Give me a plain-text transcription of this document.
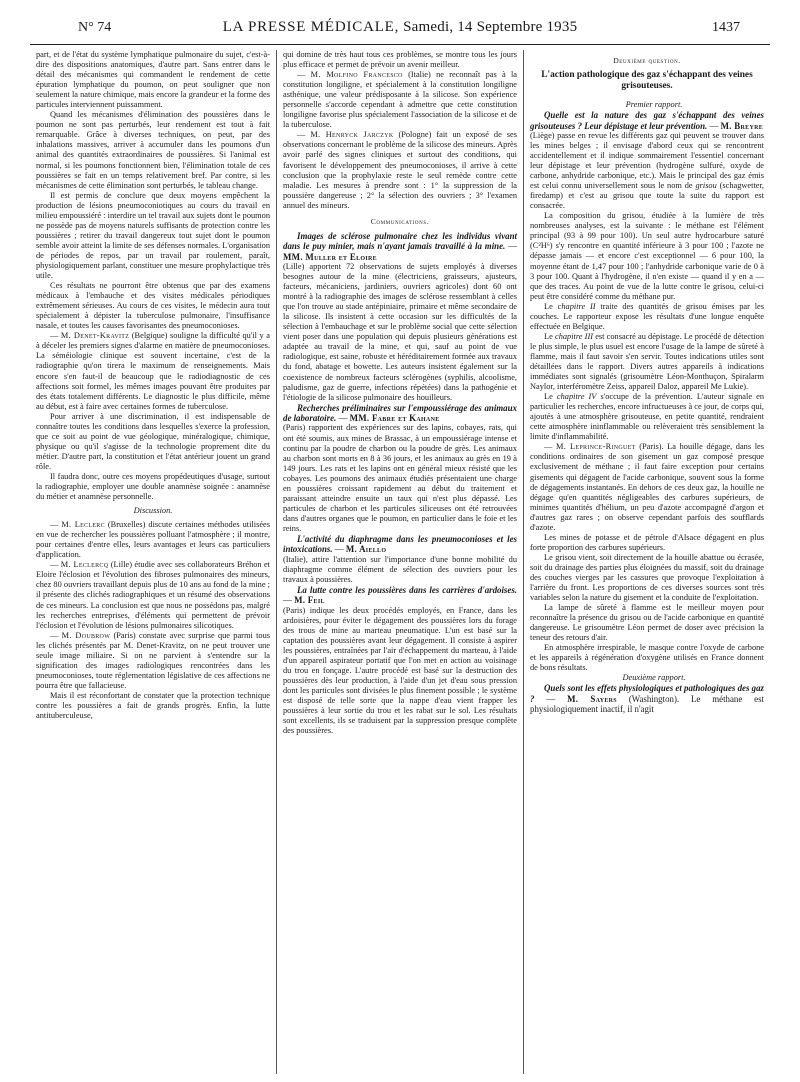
N° 74	LA PRESSE MÉDICALE, Samedi, 14 Septembre 1935	1437

part, et de l'état du système lymphatique pulmonaire du sujet, c'est-à-dire des dispositions anatomiques, d'autre part. Sans entrer dans le détail des mécanismes qui commandent le rendement de cette épuration lymphatique du poumon, on peut souligner que non seulement la nature chimique, mais encore la grandeur et la forme des particules interviennent puissamment.

Quand les mécanismes d'élimination des poussières dans le poumon ne sont pas perturbés, leur rendement est tout à fait remarquable. Grâce à diverses techniques, on peut, par des inhalations massives, arriver à accumuler dans les poumons d'un animal des quantités extraordinaires de poussières. Si l'animal est normal, si les poumons fonctionnent bien, l'élimination totale de ces poussières se fait en un temps relativement bref. Par contre, si les mécanismes de cette élimination sont perturbés, le tableau change.

Il est permis de conclure que deux moyens empêchent la production de lésions pneumoconiotiques au cours du travail en milieu empoussiéré : interdire un tel travail aux sujets dont le poumon ne possède pas de moyens naturels suffisants de protection contre les poussières ; retirer du travail dangereux tout sujet dont le poumon semble avoir atteint la limite de ses défenses normales. L'organisation de périodes de repos, par un travail par roulement, paraît, physiologiquement parlant, constituer une mesure prophylactique très utile.

Ces résultats ne pourront être obtenus que par des examens médicaux à l'embauche et des visites médicales périodiques extrêmement sérieuses. Au cours de ces visites, le médecin aura tout spécialement à dépister la tuberculose pulmonaire, l'insuffisance nasale, et toutes les causes favorisantes des pneumoconioses.

— M. Denet-Kravitz (Belgique) souligne la difficulté qu'il y a à déceler les premiers signes d'alarme en matière de pneumoconioses. La séméiologie clinique est souvent incertaine, c'est de la radiographie qu'on tirera le maximum de renseignements. Mais encore s'en faut-il de beaucoup que le radiodiagnostic de ces affections soit formel, les mêmes images pouvant être produites par des états totalement différents. Le diagnostic le plus difficile, même au début, est à faire avec certaines formes de tuberculose.

Pour arriver à une discrimination, il est indispensable de connaître toutes les conditions dans lesquelles s'exerce la profession, que ce soit au point de vue géologique, minéralogique, chimique, physique ou qu'il s'agisse de la technologie proprement dite du métier. D'autre part, la constitution et l'état antérieur jouent un grand rôle.

Il faudra donc, outre ces moyens propédeutiques d'usage, surtout la radiographie, employer une double anamnèse soignée : anamnèse du métier et anamnèse personnelle.

Discussion.

— M. Leclerc (Bruxelles) discute certaines méthodes utilisées en vue de rechercher les poussières polluant l'atmosphère ; il montre, pour certaines d'entre elles, leurs avantages et leurs cas particuliers d'application.

— M. Leclercq (Lille) étudie avec ses collaborateurs Bréhon et Eloire l'éclosion et l'évolution des fibroses pulmonaires des mineurs, chez 80 ouvriers travaillant depuis plus de 10 ans au fond de la mine ; il présente des clichés radiographiques et un résumé des observations de ces mineurs. La conclusion est que nous ne possédons pas, malgré les recherches entreprises, d'éléments qui permettent de prévoir l'éclosion et l'évolution de lésions pulmonaires silicotiques.

— M. Doubrow (Paris) constate avec surprise que parmi tous les clichés présentés par M. Denet-Kravitz, on ne peut trouver une seule image miliaire. Si on ne parvient à s'entendre sur la signification des images radiologiques rencontrées dans les pneumoconioses, toute réglementation législative de ces affections ne pourra être que fallacieuse.

Mais il est réconfortant de constater que la protection technique contre les poussières a fait de grands progrès. Enfin, la lutte antituberculeuse,

qui domine de très haut tous ces problèmes, se montre tous les jours plus efficace et permet de prévoir un avenir meilleur.

— M. Molfino Francesco (Italie) ne reconnaît pas à la constitution longiligne, et spécialement à la constitution longiligne asthénique, une valeur prédisposante à la silicose. Son expérience personnelle s'accorde cependant à admettre que cette constitution longiligne favorise plus spécialement l'association de la silicose et de la tuberculose.

— M. Henryck Jarczyk (Pologne) fait un exposé de ses observations concernant le problème de la silicose des mineurs. Après avoir parlé des signes cliniques et surtout des conditions, qui favorisent le développement des pneumoconioses, il arrive à cette conclusion que la prophylaxie reste le seul remède contre cette maladie. Les mesures à prendre sont : 1° la suppression de la poussière dangereuse ; 2° la sélection des ouvriers ; 3° l'examen annuel des mineurs.

Communications.

Images de sclérose pulmonaire chez les individus vivant dans le puy minier, mais n'ayant jamais travaillé à la mine. — MM. Muller et Eloire

(Lille) apportent 72 observations de sujets employés à diverses besognes autour de la mine (électriciens, graisseurs, ajusteurs, facteurs, mécaniciens, jardiniers, ouvriers agricoles) dont 60 ont montré à la radiographie des images de sclérose ressemblant à celles que l'on trouve au stade antépiniaire, primaire et même secondaire de la silicose. Ils insistent à cette occasion sur les difficultés de la sélection à l'embauchage et sur le problème social que cette sélection vient poser dans une population qui depuis plusieurs générations est adaptée au travail de la mine, et qui, sauf au point de vue radiologique, est saine, robuste et héréditairement formée aux travaux du fond, abatage et bowette. Les auteurs insistent également sur la coexistence de nombreux facteurs sclérogènes (syphilis, alcoolisme, paludisme, gaz de guerre, infections répétées) dans la pathogénie et l'étiologie de la silicose pulmonaire des houilleurs.

Recherches préliminaires sur l'empoussiérage des animaux de laboratoire. — MM. Fabre et Kahane

(Paris) rapportent des expériences sur des lapins, cobayes, rats, qui ont été soumis, aux mines de Brassac, à un empoussiérage intense et continu par la poudre de charbon ou la poudre de grès. Les animaux au charbon sont morts en 8 à 36 jours, et les animaux au grès en 19 à 149 jours. Les rats et les lapins ont en général mieux résisté que les cobayes. Les poumons des animaux étudiés présentaient une charge en poussières croissant rapidement au début du traitement et paraissant atteindre ensuite un taux qui n'est plus dépassé. Les particules de charbon et les particules siliceuses ont été retrouvées dans d'autres organes que le poumon, en particulier dans le foie et les reins.

L'activité du diaphragme dans les pneumoconioses et les intoxications. — M. Aiello

(Italie), attire l'attention sur l'importance d'une bonne mobilité du diaphragme comme élément de sélection des ouvriers pour les travaux à poussières.

La lutte contre les poussières dans les carrières d'ardoises. — M. Feil

(Paris) indique les deux procédés employés, en France, dans les ardoisières, pour éviter le dégagement des poussières lors du forage des trous de mine au marteau pneumatique. L'un est basé sur la captation des poussières avant leur dégagement. Il consiste à aspirer les poussières, entraînées par l'air d'échappement du marteau, à l'aide d'un appareil aspirateur portatif que l'on met en action au voisinage du trou en fonçage. L'autre procédé est basé sur la destruction des poussières dès leur production, à l'aide d'un jet d'eau sous pression dont les particules sont divisées le plus finement possible ; le système est disposé de telle sorte que la nappe d'eau vient frapper les poussières à leur sortie du trou et les rabat sur le sol. Les résultats sont excellents, ils se traduisent par la suppression presque complète des poussières.

Deuxième question.
L'action pathologique des gaz s'échappant des veines grisouteuses.

Premier rapport.

Quelle est la nature des gaz s'échappant des veines grisouteuses ? Leur dépistage et leur prévention. — M. Breyre

(Liège) passe en revue les différents gaz qui peuvent se trouver dans les mines belges ; il envisage d'abord ceux qui se rencontrent accidentellement et il indique sommairement l'essentiel concernant leur dépistage et leur prévention (hydrogène sulfuré, oxyde de carbone, anhydride carbonique, etc.). Mais le principal des gaz émis est celui connu universellement sous le nom de grisou (schagwetter, firedamp) et c'est au grisou que toute la suite du rapport est consacrée.

La composition du grisou, étudiée à la lumière de très nombreuses analyses, est la suivante : le méthane est l'élément principal (93 à 99 pour 100). Un seul autre hydrocarbure saturé (C²H⁶) s'y rencontre en quantité inférieure à 3 pour 100 ; l'azote ne dépasse jamais — et encore c'est exceptionnel — 6 pour 100, la moyenne étant de 1,47 pour 100 ; l'anhydride carbonique varie de 0 à 3 pour 100. Quant à l'hydrogène, il n'en existe — quand il y en a — que des traces. Au point de vue de la lutte contre le grisou, celui-ci peut être considéré comme du méthane pur.

Le chapitre II traite des quantités de grisou émises par les couches. Le rapporteur expose les résultats d'une longue enquête effectuée en Belgique.

Le chapitre III est consacré au dépistage. Le procédé de détection le plus simple, le plus usuel est encore l'usage de la lampe de sûreté à flamme, mais il faut savoir s'en servir. Toutes indications utiles sont détaillées dans le rapport. Divers autres appareils à indications immédiates sont signalés (grisoumètre Léon-Monthuçon, Spiralarm Naylor, interféromètre Zeiss, appareil Daloz, appareil Me Lukie).

Le chapitre IV s'occupe de la prévention. L'auteur signale en particulier les recherches, encore infructueuses à ce jour, de corps qui, ajoutés à une atmosphère grisouteuse, en petite quantité, rendraient cette atmosphère ininflammable ou relèveraient très sensiblement la limite d'inflammabilité.

— M. Leprince-Ringuet (Paris). La houille dégage, dans les conditions ordinaires de son gisement un gaz composé presque exclusivement de méthane ; il faut faire exception pour certains gisements qui dégagent de l'acide carbonique, souvent sous la forme de dégagements instantanés. En dehors de ces deux gaz, la houille ne dégage qu'en quantités négligeables des carbures supérieurs, de minimes quantités d'hélium, un peu d'azote accompagné d'argon et d'autres gaz rares ; on observe cependant parfois des soufflards d'azote.

Les mines de potasse et de pétrole d'Alsace dégagent en plus forte proportion des carbures supérieurs.

Le grisou vient, soit directement de la houille abattue ou écrasée, soit du drainage des parties plus éloignées du massif, soit du drainage des couches vierges par les cassures que provoque l'exploitation à l'arrière du front. Les proportions de ces diverses sources sont très variables selon la nature du gisement et la conduite de l'exploitation.

La lampe de sûreté à flamme est le meilleur moyen pour reconnaître la présence du grisou ou de l'acide carbonique en quantité dangereuse. Le grisoumètre Léon permet de doser avec précision la teneur des retours d'air.

En atmosphère irrespirable, le masque contre l'oxyde de carbone et les appareils à régénération d'oxygène utilisés en France donnent de bons résultats.

Deuxième rapport.

Quels sont les effets physiologiques et pathologiques des gaz ? — M. Sayers (Washington). Le méthane est physiologiquement inactif, il n'agit
